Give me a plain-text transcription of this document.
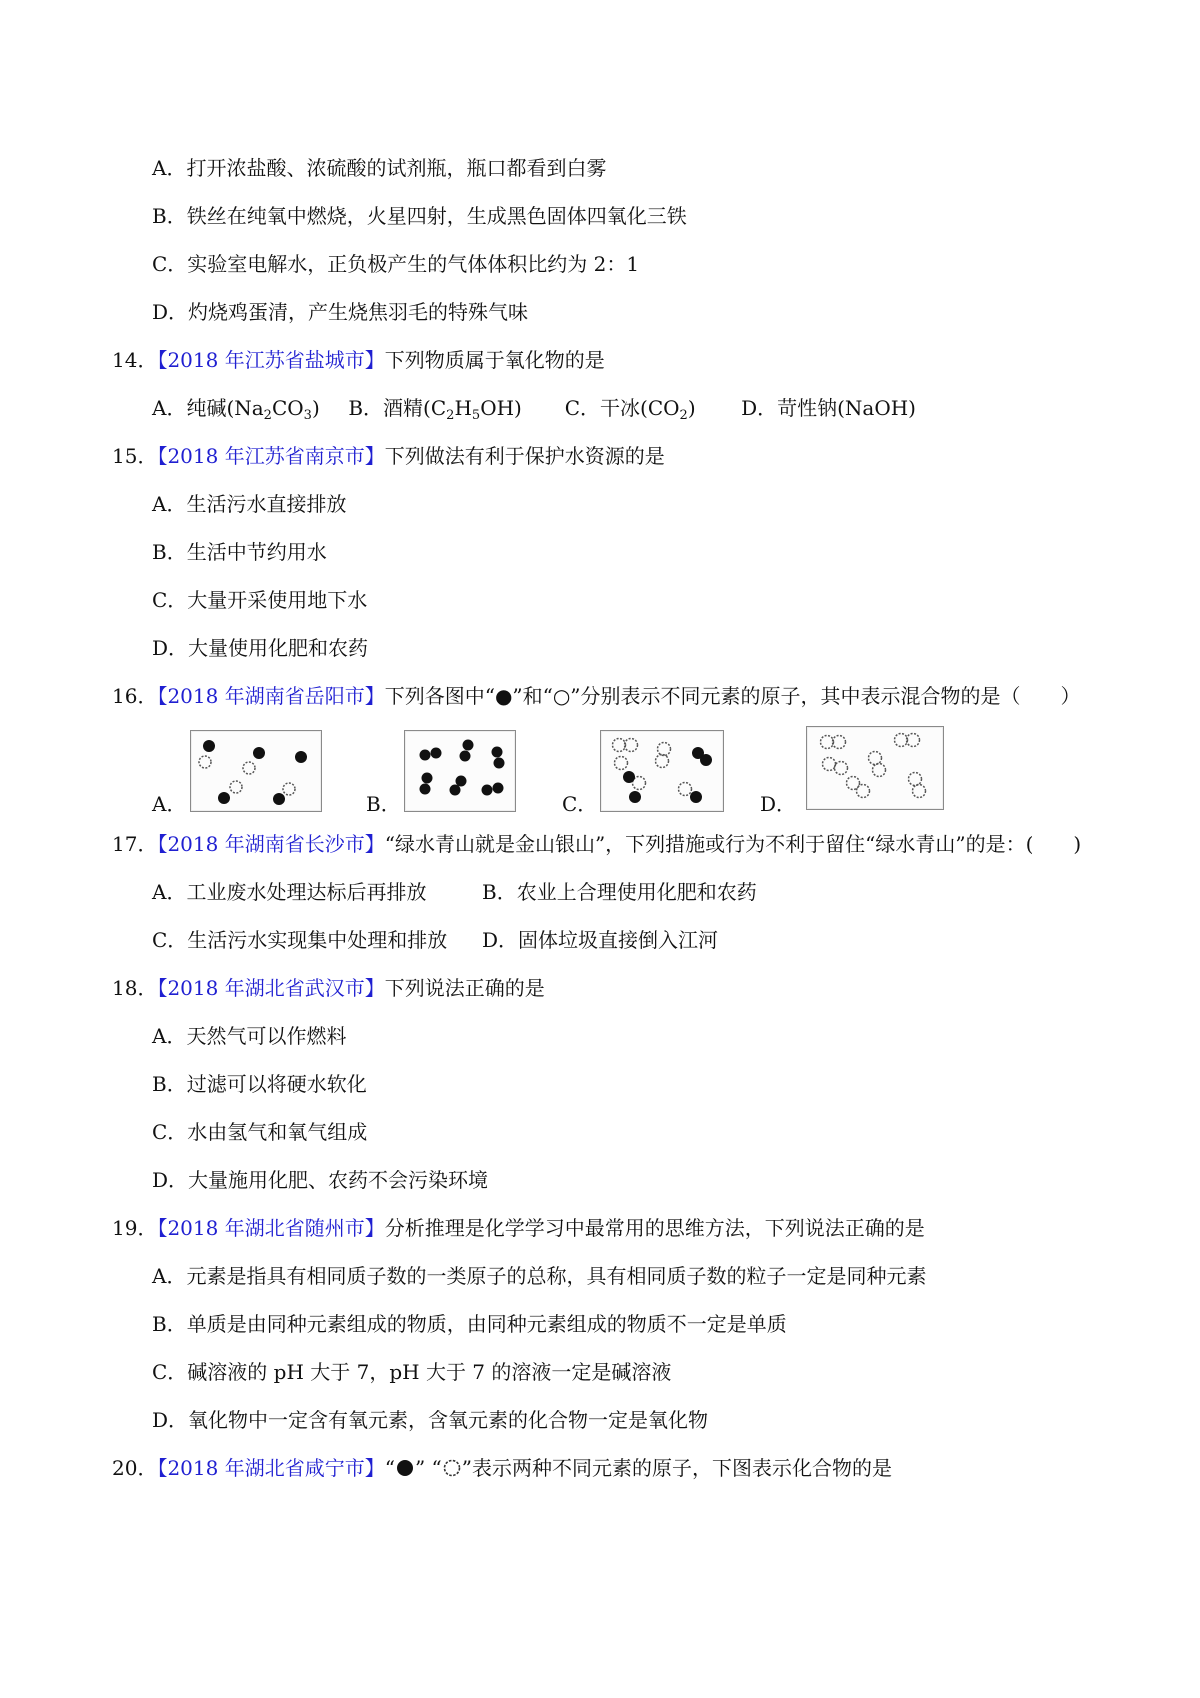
A．打开浓盐酸、浓硫酸的试剂瓶，瓶口都看到白雾
B．铁丝在纯氧中燃烧，火星四射，生成黑色固体四氧化三铁
C．实验室电解水，正负极产生的气体体积比约为 2：1
D．灼烧鸡蛋清，产生烧焦羽毛的特殊气味
14．【2018 年江苏省盐城市】下列物质属于氧化物的是
A．纯碱$(Na_2CO_3)$ B．酒精$(C_2H_5OH)$ C．干冰$(CO_2)$ D．苛性钠(NaOH)
15．【2018 年江苏省南京市】下列做法有利于保护水资源的是
A．生活污水直接排放
B．生活中节约用水
C．大量开采使用地下水
D．大量使用化肥和农药
16．【2018 年湖南省岳阳市】下列各图中“●”和“○”分别表示不同元素的原子，其中表示混合物的是（　　）
A．	B．	C．	D．
17．【2018 年湖南省长沙市】“绿水青山就是金山银山”，下列措施或行为不利于留住“绿水青山”的是：(　　)
A．工业废水处理达标后再排放	B．农业上合理使用化肥和农药
C．生活污水实现集中处理和排放 D．固体垃圾直接倒入江河
18．【2018 年湖北省武汉市】下列说法正确的是
A．天然气可以作燃料
B．过滤可以将硬水软化
C．水由氢气和氧气组成
D．大量施用化肥、农药不会污染环境
19．【2018 年湖北省随州市】分析推理是化学学习中最常用的思维方法，下列说法正确的是
A．元素是指具有相同质子数的一类原子的总称，具有相同质子数的粒子一定是同种元素
B．单质是由同种元素组成的物质，由同种元素组成的物质不一定是单质
C．碱溶液的 pH 大于 7，pH 大于 7 的溶液一定是碱溶液
D．氧化物中一定含有氧元素，含氧元素的化合物一定是氧化物
20．【2018 年湖北省咸宁市】“ ” “ ”表示两种不同元素的原子，下图表示化合物的是
